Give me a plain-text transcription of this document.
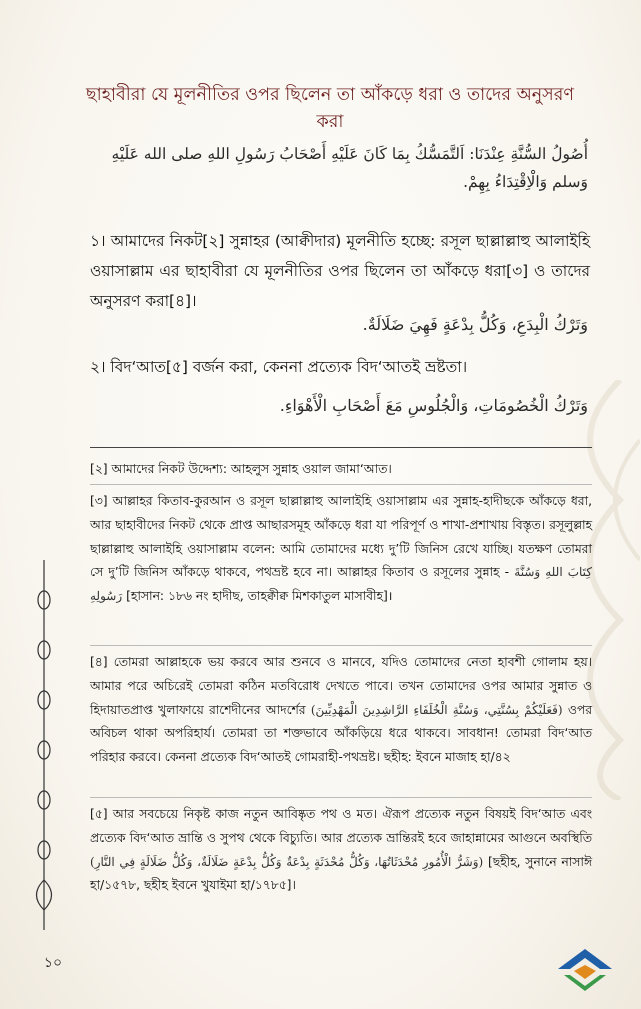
ছাহাবীরা যে মূলনীতির ওপর ছিলেন তা আঁকড়ে ধরা ও তাদের অনুসরণ করা
أُصُولُ السُّنَّةِ عِنْدَنَا: اَلتَّمَسُّكُ بِمَا كَانَ عَلَيْهِ أَصْحَابُ رَسُولِ اللهِ صلى الله عَلَيْهِ
وَسلم وَالْاِقْتِدَاءُ بِهِمْ.
১। আমাদের নিকট[২] সুন্নাহর (আক্বীদার) মূলনীতি হচ্ছে: রসূল ছাল্লাল্লাহু আলাইহি ওয়াসাল্লাম এর ছাহাবীরা যে মূলনীতির ওপর ছিলেন তা আঁকড়ে ধরা[৩] ও তাদের অনুসরণ করা[৪]।
وَتَرْكُ الْبِدَعِ، وَكُلُّ بِدْعَةٍ فَهِيَ ضَلَالَةٌ.
২। বিদ‘আত[৫] বর্জন করা, কেননা প্রত্যেক বিদ‘আতই ভ্রষ্টতা।
وَتَرْكُ الْخُصُومَاتِ، وَالْجُلُوسِ مَعَ أَصْحَابِ الْأَهْوَاءِ.
[২] আমাদের নিকট উদ্দেশ্য: আহলুস সুন্নাহ ওয়াল জামা‘আত।
[৩] আল্লাহর কিতাব-কুরআন ও রসূল ছাল্লাল্লাহু আলাইহি ওয়াসাল্লাম এর সুন্নাহ-হাদীছকে আঁকড়ে ধরা, আর ছাহাবীদের নিকট থেকে প্রাপ্ত আছারসমূহ আঁকড়ে ধরা যা পরিপূর্ণ ও শাখা-প্রশাখায় বিস্তৃত। রসূলুল্লাহ ছাল্লাল্লাহু আলাইহি ওয়াসাল্লাম বলেন: আমি তোমাদের মধ্যে দু’টি জিনিস রেখে যাচ্ছি। যতক্ষণ তোমরা সে দু’টি জিনিস আঁকড়ে থাকবে, পথভ্রষ্ট হবে না। আল্লাহর কিতাব ও রসূলের সুন্নাহ - كِتَابَ اللهِ وَسُنَّةَ رَسُولِهِ [হাসান: ১৮৬ নং হাদীছ, তাহক্বীক্ব মিশকাতুল মাসাবীহ]।
[৪] তোমরা আল্লাহকে ভয় করবে আর শুনবে ও মানবে, যদিও তোমাদের নেতা হাবশী গোলাম হয়। আমার পরে অচিরেই তোমরা কঠিন মতবিরোধ দেখতে পাবে। তখন তোমাদের ওপর আমার সুন্নাত ও হিদায়াতপ্রাপ্ত খুলাফায়ে রাশেদীনের আদর্শের (فَعَلَيْكُمْ بِسُنَّتِي، وَسُنَّةِ الْخُلَفَاءِ الرَّاشِدِينَ الْمَهْدِيِّينَ) ওপর অবিচল থাকা অপরিহার্য। তোমরা তা শক্তভাবে আঁকড়িয়ে ধরে থাকবে। সাবধান! তোমরা বিদ‘আত পরিহার করবে। কেননা প্রত্যেক বিদ‘আতই গোমরাহী-পথভ্রষ্ট। ছহীহ: ইবনে মাজাহ হা/৪২
[৫] আর সবচেয়ে নিকৃষ্ট কাজ নতুন আবিষ্কৃত পথ ও মত। ঐরূপ প্রত্যেক নতুন বিষয়ই বিদ‘আত এবং প্রত্যেক বিদ‘আত ভ্রান্তি ও সুপথ থেকে বিচ্যুতি। আর প্রত্যেক ভ্রান্তিরই হবে জাহান্নামের আগুনে অবস্থিতি (وَشَرُّ الْأُمُورِ مُحْدَثَاتُهَا، وَكُلُّ مُحْدَثَةٍ بِدْعَةٌ وَكُلُّ بِدْعَةٍ ضَلَالَةٌ، وَكُلُّ ضَلَالَةٍ فِي النَّارِ) [ছহীহ, সুনানে নাসাঈ হা/১৫৭৮, ছহীহ ইবনে খুযাইমা হা/১৭৮৫]।
১০
